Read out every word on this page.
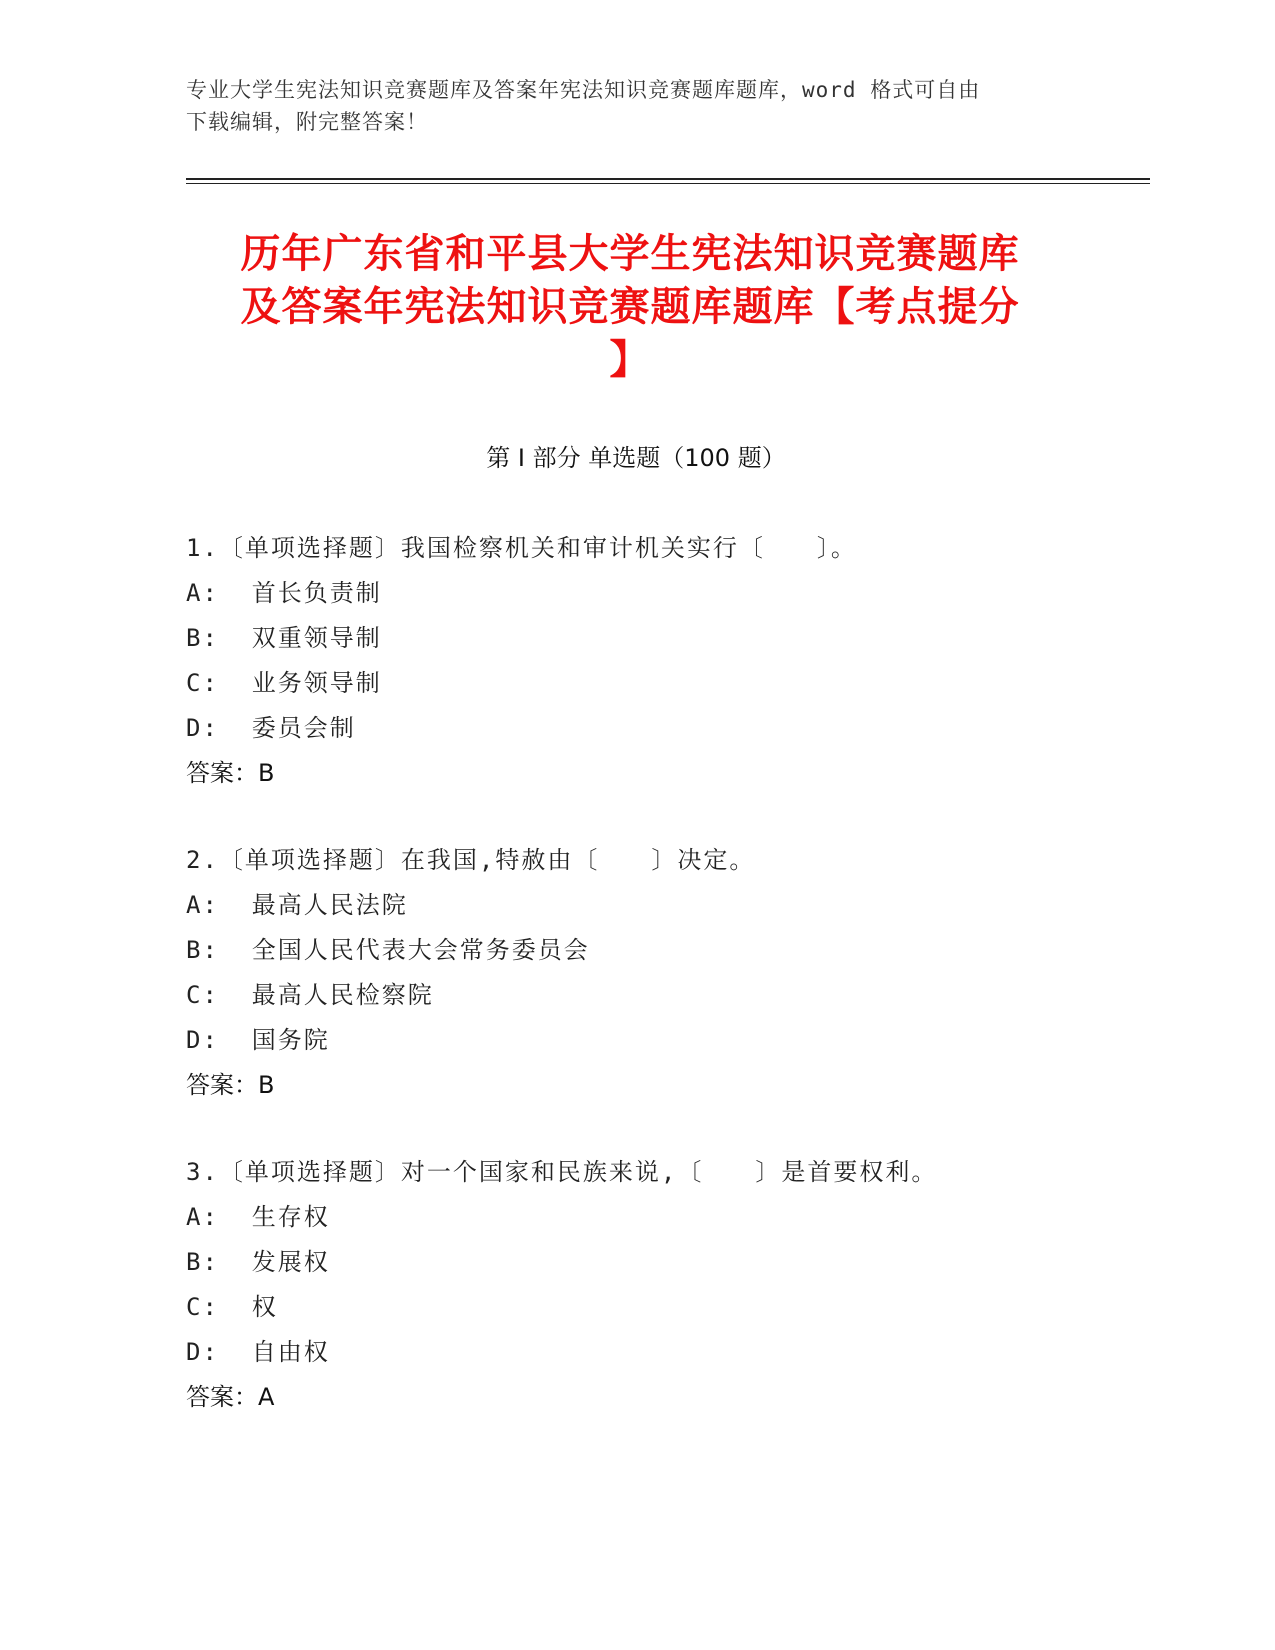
专业大学生宪法知识竞赛题库及答案年宪法知识竞赛题库题库，word 格式可自由
下载编辑，附完整答案！
历年广东省和平县大学生宪法知识竞赛题库
及答案年宪法知识竞赛题库题库【考点提分
】
第 I 部分 单选题（100 题）
1.〔单项选择题〕我国检察机关和审计机关实行〔　　〕。
A:  首长负责制
B:  双重领导制
C:  业务领导制
D:  委员会制
答案：B
2.〔单项选择题〕在我国,特赦由〔　　〕决定。
A:  最高人民法院
B:  全国人民代表大会常务委员会
C:  最高人民检察院
D:  国务院
答案：B
3.〔单项选择题〕对一个国家和民族来说,〔　　〕是首要权利。
A:  生存权
B:  发展权
C:  权
D:  自由权
答案：A
